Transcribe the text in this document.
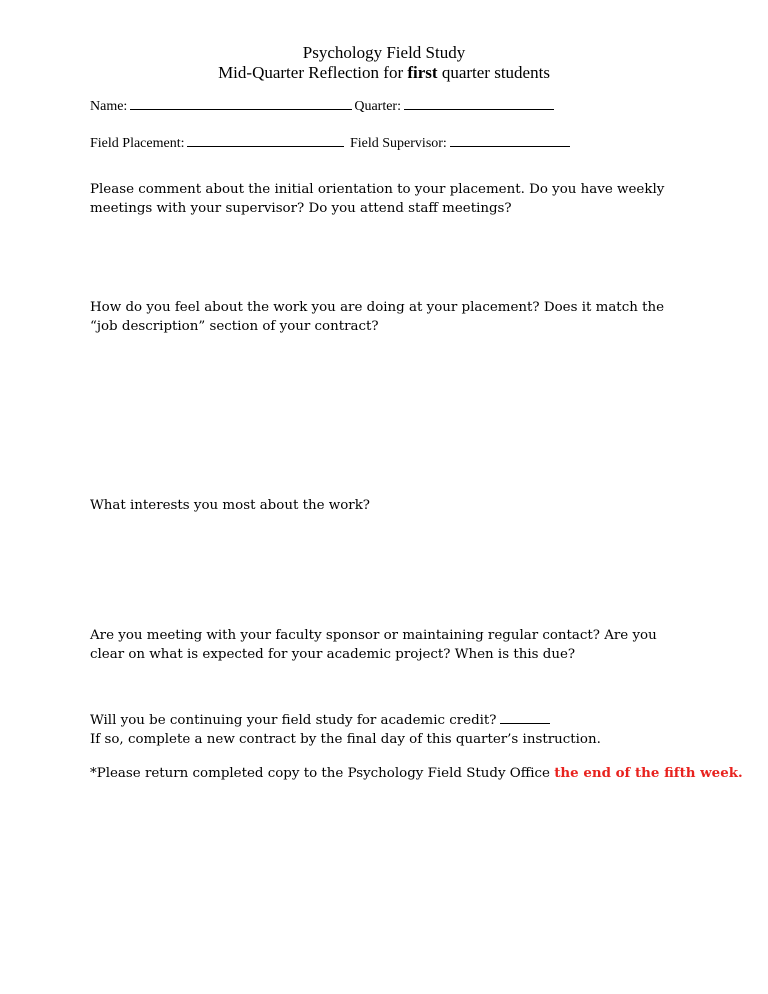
Psychology Field Study
Mid-Quarter Reflection for first quarter students
Name:	Quarter:
Field Placement:	Field Supervisor:
Please comment about the initial orientation to your placement. Do you have weekly
meetings with your supervisor? Do you attend staff meetings?
How do you feel about the work you are doing at your placement? Does it match the
“job description” section of your contract?
What interests you most about the work?
Are you meeting with your faculty sponsor or maintaining regular contact? Are you
clear on what is expected for your academic project? When is this due?
Will you be continuing your field study for academic credit?
If so, complete a new contract by the final day of this quarter’s instruction.
*Please return completed copy to the Psychology Field Study Office the end of the fifth week.
